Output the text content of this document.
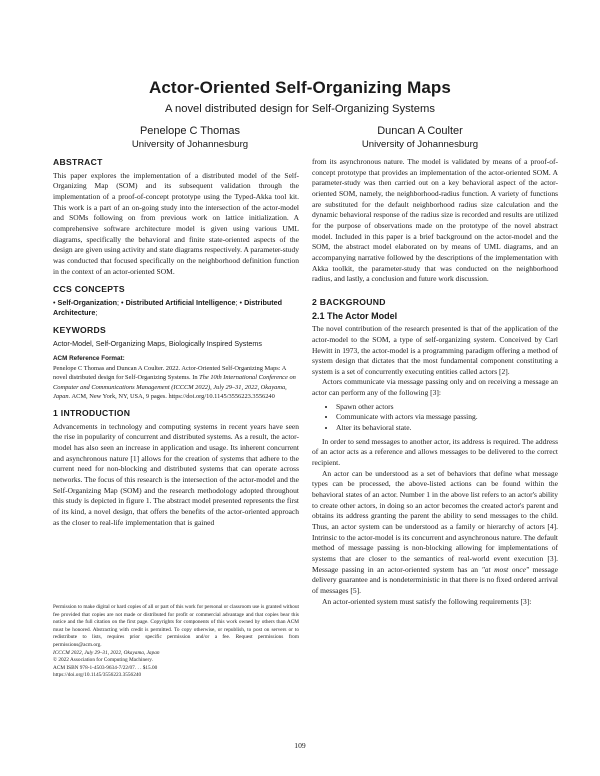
Actor-Oriented Self-Organizing Maps
A novel distributed design for Self-Organizing Systems
Penelope C Thomas
University of Johannesburg
Duncan A Coulter
University of Johannesburg
ABSTRACT

This paper explores the implementation of a distributed model of the Self-Organizing Map (SOM) and its subsequent validation through the implementation of a proof-of-concept prototype using the Typed-Akka tool kit. This work is a part of an on-going study into the intersection of the actor-model and SOMs following on from previous work on lattice initialization. A comprehensive software architecture model is given using various UML diagrams, specifically the behavioral and finite state-oriented aspects of the design are given using activity and state diagrams respectively. A parameter-study was conducted that focused specifically on the neighborhood definition function in the context of an actor-oriented SOM.

CCS CONCEPTS
• Self-Organization; • Distributed Artificial Intelligence; • Distributed Architecture;
KEYWORDS
Actor-Model, Self-Organizing Maps, Biologically Inspired Systems
ACM Reference Format:
Penelope C Thomas and Duncan A Coulter. 2022. Actor-Oriented Self-Organizing Maps: A novel distributed design for Self-Organizing Systems. In The 10th International Conference on Computer and Communications Management (ICCCM 2022), July 29–31, 2022, Okayama, Japan. ACM, New York, NY, USA, 9 pages. https://doi.org/10.1145/3556223.3556240
1 INTRODUCTION

Advancements in technology and computing systems in recent years have seen the rise in popularity of concurrent and distributed systems. As a result, the actor-model has also seen an increase in application and usage. Its inherent concurrent and asynchronous nature [1] allows for the creation of systems that adhere to the current need for non-blocking and distributed systems that can operate across networks. The focus of this research is the intersection of the actor-model and the Self-Organizing Map (SOM) and the research methodology adopted throughout this study is depicted in figure 1. The abstract model presented represents the first of its kind, a novel design, that offers the benefits of the actor-oriented approach as the closer to real-life implementation that is gained

Permission to make digital or hard copies of all or part of this work for personal or classroom use is granted without fee provided that copies are not made or distributed for profit or commercial advantage and that copies bear this notice and the full citation on the first page. Copyrights for components of this work owned by others than ACM must be honored. Abstracting with credit is permitted. To copy otherwise, or republish, to post on servers or to redistribute to lists, requires prior specific permission and/or a fee. Request permissions from permissions@acm.org.

ICCCM 2022, July 29–31, 2022, Okayama, Japan
© 2022 Association for Computing Machinery.
ACM ISBN 978-1-4503-9634-7/22/07. . . $15.00
https://doi.org/10.1145/3556223.3556240

from its asynchronous nature. The model is validated by means of a proof-of-concept prototype that provides an implementation of the actor-oriented SOM. A parameter-study was then carried out on a key behavioral aspect of the actor-oriented SOM, namely, the neighborhood-radius function. A variety of functions are substituted for the default neighborhood radius size calculation and the dynamic behavioral response of the radius size is recorded and results are utilized for the purpose of observations made on the prototype of the novel abstract model. Included in this paper is a brief background on the actor-model and the SOM, the abstract model elaborated on by means of UML diagrams, and an accompanying narrative followed by the descriptions of the implementation with Akka toolkit, the parameter-study that was conducted on the neighborhood radius, and lastly, a conclusion and future work discussion.

2 BACKGROUND
2.1 The Actor Model

The novel contribution of the research presented is that of the application of the actor-model to the SOM, a type of self-organizing system. Conceived by Carl Hewitt in 1973, the actor-model is a programming paradigm offering a method of system design that dictates that the most fundamental component constituting a system is a set of concurrently executing entities called actors [2].

Actors communicate via message passing only and on receiving a message an actor can perform any of the following [3]:

• Spawn other actors
• Communicate with actors via message passing.
• Alter its behavioral state.

In order to send messages to another actor, its address is required. The address of an actor acts as a reference and allows messages to be delivered to the correct recipient.

An actor can be understood as a set of behaviors that define what message types can be processed, the above-listed actions can be found within the behavioral states of an actor. Number 1 in the above list refers to an actor's ability to create other actors, in doing so an actor becomes the created actor's parent and obtains its address granting the parent the ability to send messages to the child. Thus, an actor system can be understood as a family or hierarchy of actors [4]. Intrinsic to the actor-model is its concurrent and asynchronous nature. The default method of message passing is non-blocking allowing for implementations of systems that are closer to the semantics of real-world event execution [3]. Message passing in an actor-oriented system has an "at most once" message delivery guarantee and is nondeterministic in that there is no fixed ordered arrival of messages [5].

An actor-oriented system must satisfy the following requirements [3]:

109
